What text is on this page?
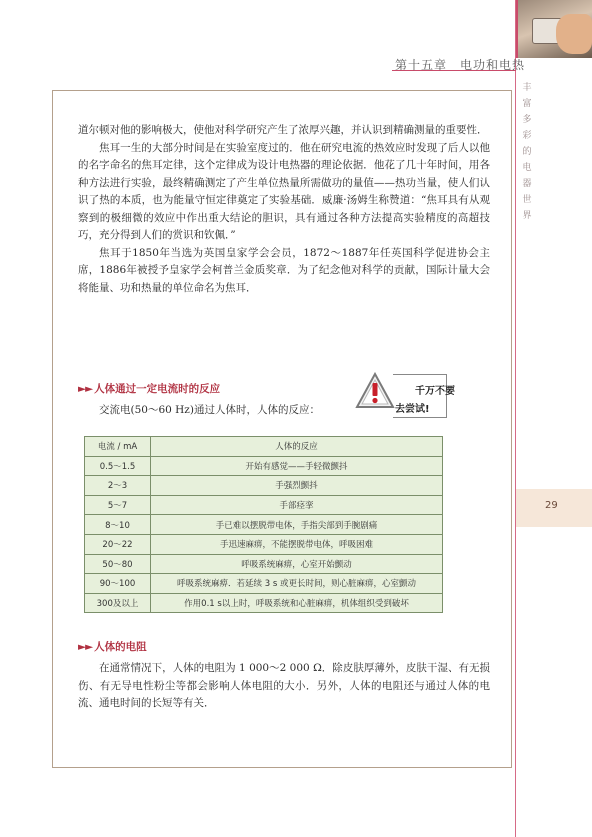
第十五章　电功和电热
丰
富
多
彩
的
电
器
世
界
29

道尔顿对他的影响极大，使他对科学研究产生了浓厚兴趣，并认识到精确测量的重要性．

焦耳一生的大部分时间是在实验室度过的．他在研究电流的热效应时发现了后人以他的名字命名的焦耳定律，这个定律成为设计电热器的理论依据．他花了几十年时间，用各种方法进行实验，最终精确测定了产生单位热量所需做功的量值——热功当量，使人们认识了热的本质，也为能量守恒定律奠定了实验基础．威廉·汤姆生称赞道：“焦耳具有从观察到的极细微的效应中作出重大结论的胆识，具有通过各种方法提高实验精度的高超技巧，充分得到人们的赏识和钦佩．”

焦耳于1850年当选为英国皇家学会会员，1872～1887年任英国科学促进协会主席，1886年被授予皇家学会柯普兰金质奖章．为了纪念他对科学的贡献，国际计量大会将能量、功和热量的单位命名为焦耳．

►► 人体通过一定电流时的反应
交流电(50～60 Hz)通过人体时，人体的反应：
千万不要
去尝试!
电流 / mA	人体的反应
0.5～1.5	开始有感觉——手轻微颤抖
2～3	手强烈颤抖
5～7	手部痉挛
8～10	手已难以摆脱带电体，手指尖部到手腕剧痛
20～22	手迅速麻痹，不能摆脱带电体，呼吸困难
50～80	呼吸系统麻痹，心室开始颤动
90～100	呼吸系统麻痹．若延续 3 s 或更长时间，则心脏麻痹，心室颤动
300及以上	作用0.1 s以上时，呼吸系统和心脏麻痹，机体组织受到破坏
►► 人体的电阻

在通常情况下，人体的电阻为 1 000～2 000 Ω．除皮肤厚薄外，皮肤干湿、有无损伤、有无导电性粉尘等都会影响人体电阻的大小．另外，人体的电阻还与通过人体的电流、通电时间的长短等有关．
